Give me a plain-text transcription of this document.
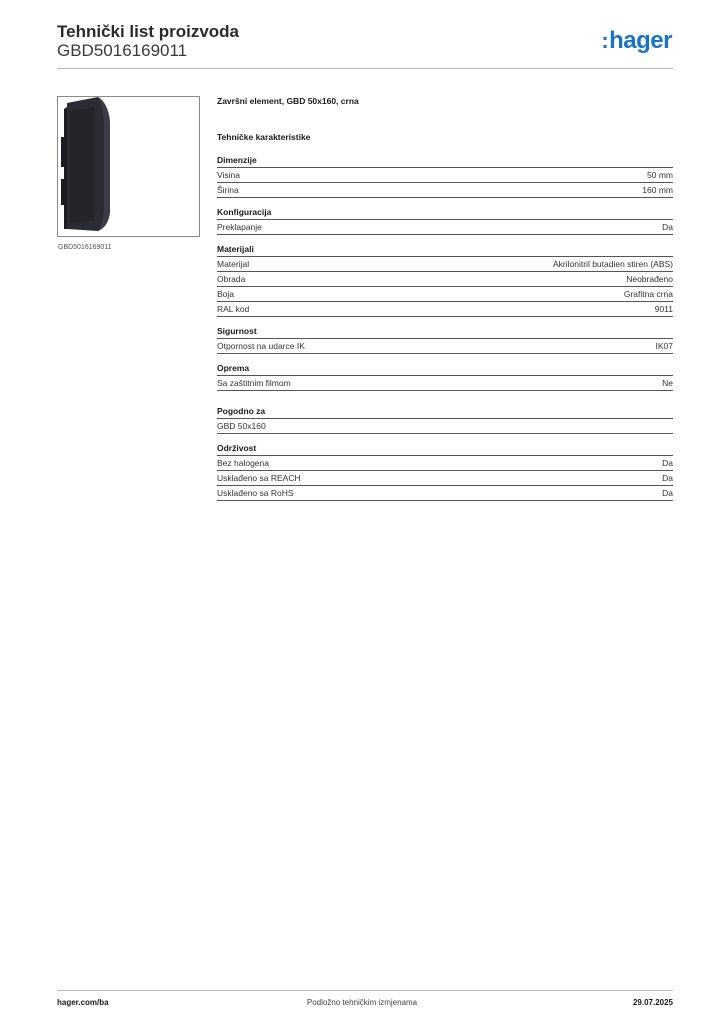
Tehnički list proizvoda
GBD5016169011	:hager
GBD5016169011
Završni element, GBD 50x160, crna
Tehničke karakteristike
Dimenzije
Visina	50 mm
Širina	160 mm
Konfiguracija
Preklapanje	Da
Materijali
Materijal	Akrilonitril butadien stiren (ABS)
Obrada	Neobrađeno
Boja	Grafitna crna
RAL kod	9011
Sigurnost
Otpornost na udarce IK	IK07
Oprema
Sa zaštitnim filmom	Ne
Pogodno za
GBD 50x160
Održivost
Bez halogena	Da
Usklađeno sa REACH	Da
Usklađeno sa RoHS	Da
hager.com/ba	Podložno tehničkim izmjenama	29.07.2025
